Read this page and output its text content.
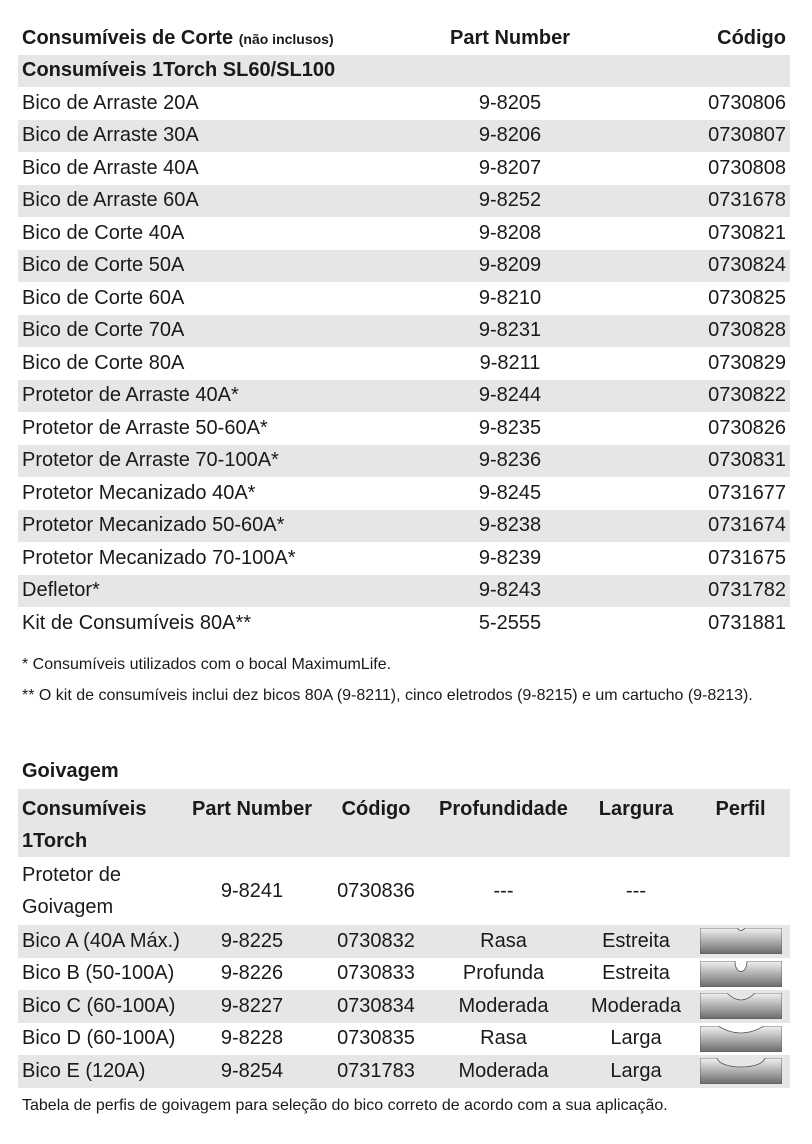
Consumíveis de Corte (não inclusos)	Part Number	Código
Consumíveis 1Torch SL60/SL100		
Bico de Arraste 20A	9-8205	0730806
Bico de Arraste 30A	9-8206	0730807
Bico de Arraste 40A	9-8207	0730808
Bico de Arraste 60A	9-8252	0731678
Bico de Corte 40A	9-8208	0730821
Bico de Corte 50A	9-8209	0730824
Bico de Corte 60A	9-8210	0730825
Bico de Corte 70A	9-8231	0730828
Bico de Corte 80A	9-8211	0730829
Protetor de Arraste 40A*	9-8244	0730822
Protetor de Arraste 50-60A*	9-8235	0730826
Protetor de Arraste 70-100A*	9-8236	0730831
Protetor Mecanizado 40A*	9-8245	0731677
Protetor Mecanizado 50-60A*	9-8238	0731674
Protetor Mecanizado 70-100A*	9-8239	0731675
Defletor*	9-8243	0731782
Kit de Consumíveis 80A**	5-2555	0731881
* Consumíveis utilizados com o bocal MaximumLife.
** O kit de consumíveis inclui dez bicos 80A (9-8211), cinco eletrodos (9-8215) e um cartucho (9-8213).
Goivagem
Consumíveis 1Torch	Part Number	Código	Profundidade	Largura	Perfil
Protetor de Goivagem	9-8241	0730836	---	---	
Bico A (40A Máx.)	9-8225	0730832	Rasa	Estreita	
Bico B (50-100A)	9-8226	0730833	Profunda	Estreita	
Bico C (60-100A)	9-8227	0730834	Moderada	Moderada	
Bico D (60-100A)	9-8228	0730835	Rasa	Larga	
Bico E (120A)	9-8254	0731783	Moderada	Larga	
Tabela de perfis de goivagem para seleção do bico correto de acordo com a sua aplicação.
